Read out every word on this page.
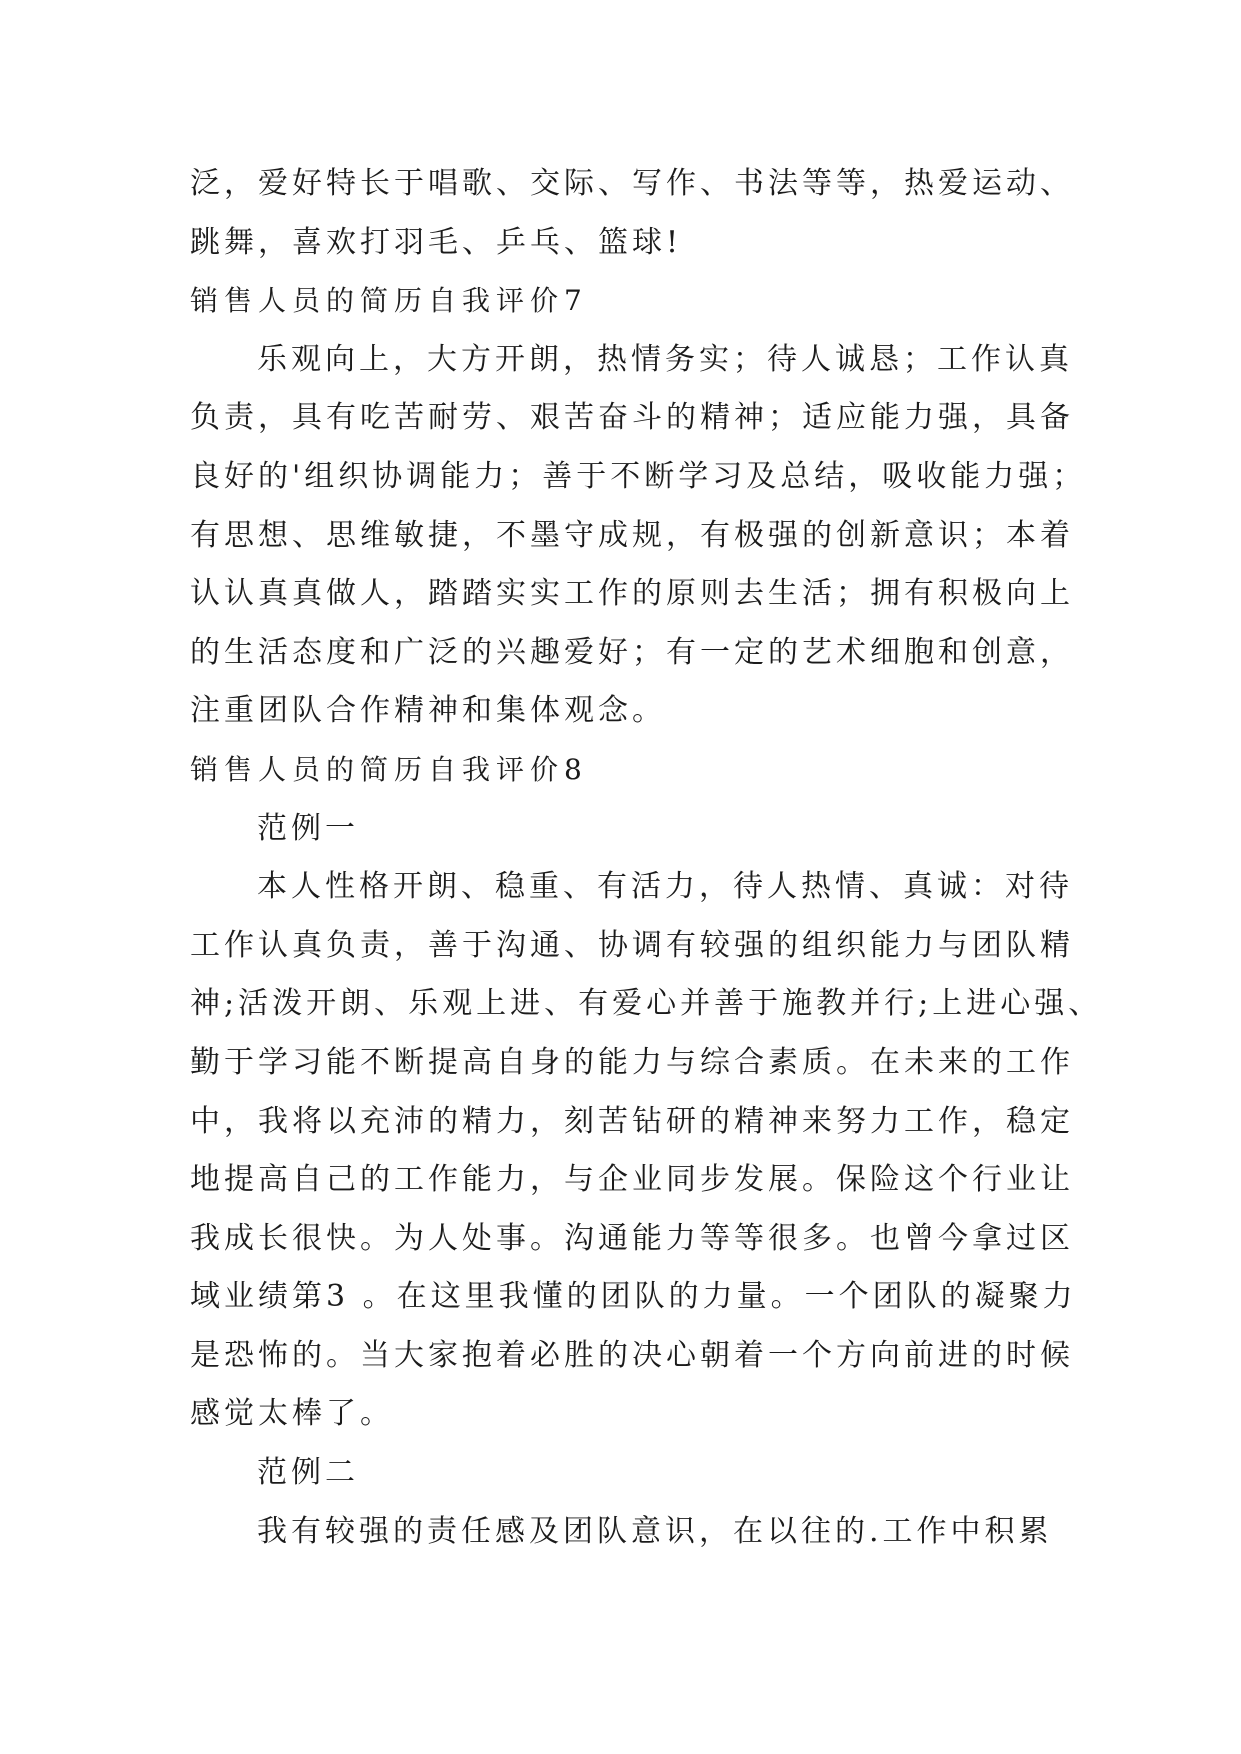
泛，爱好特长于唱歌、交际、写作、书法等等，热爱运动、
跳舞，喜欢打羽毛、乒乓、篮球!
销售人员的简历自我评价7
乐观向上，大方开朗，热情务实；待人诚恳；工作认真
负责，具有吃苦耐劳、艰苦奋斗的精神；适应能力强，具备
良好的'组织协调能力；善于不断学习及总结，吸收能力强；
有思想、思维敏捷，不墨守成规，有极强的创新意识；本着
认认真真做人，踏踏实实工作的原则去生活；拥有积极向上
的生活态度和广泛的兴趣爱好；有一定的艺术细胞和创意，
注重团队合作精神和集体观念。
销售人员的简历自我评价8
范例一
本人性格开朗、稳重、有活力，待人热情、真诚：对待
工作认真负责，善于沟通、协调有较强的组织能力与团队精
神;活泼开朗、乐观上进、有爱心并善于施教并行;上进心强、
勤于学习能不断提高自身的能力与综合素质。在未来的工作
中，我将以充沛的精力，刻苦钻研的精神来努力工作，稳定
地提高自己的工作能力，与企业同步发展。保险这个行业让
我成长很快。为人处事。沟通能力等等很多。也曾今拿过区
域业绩第3 。在这里我懂的团队的力量。一个团队的凝聚力
是恐怖的。当大家抱着必胜的决心朝着一个方向前进的时候
感觉太棒了。
范例二
我有较强的责任感及团队意识，在以往的.工作中积累
